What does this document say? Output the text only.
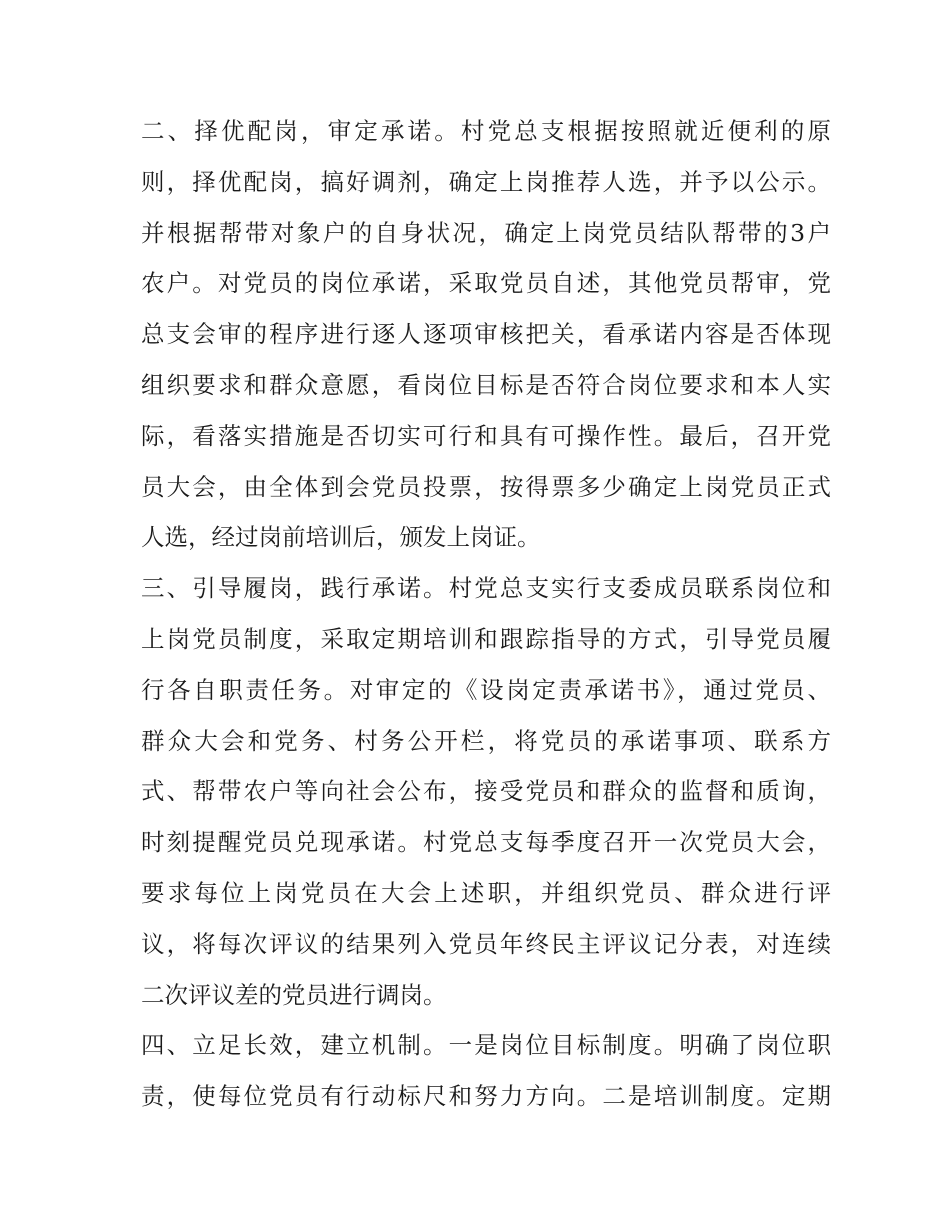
二、择优配岗，审定承诺。村党总支根据按照就近便利的原
则，择优配岗，搞好调剂，确定上岗推荐人选，并予以公示。
并根据帮带对象户的自身状况，确定上岗党员结队帮带的3户
农户。对党员的岗位承诺，采取党员自述，其他党员帮审，党
总支会审的程序进行逐人逐项审核把关，看承诺内容是否体现
组织要求和群众意愿，看岗位目标是否符合岗位要求和本人实
际，看落实措施是否切实可行和具有可操作性。最后，召开党
员大会，由全体到会党员投票，按得票多少确定上岗党员正式
人选，经过岗前培训后，颁发上岗证。
三、引导履岗，践行承诺。村党总支实行支委成员联系岗位和
上岗党员制度，采取定期培训和跟踪指导的方式，引导党员履
行各自职责任务。对审定的《设岗定责承诺书》，通过党员、
群众大会和党务、村务公开栏，将党员的承诺事项、联系方
式、帮带农户等向社会公布，接受党员和群众的监督和质询，
时刻提醒党员兑现承诺。村党总支每季度召开一次党员大会，
要求每位上岗党员在大会上述职，并组织党员、群众进行评
议，将每次评议的结果列入党员年终民主评议记分表，对连续
二次评议差的党员进行调岗。
四、立足长效，建立机制。一是岗位目标制度。明确了岗位职
责，使每位党员有行动标尺和努力方向。二是培训制度。定期
